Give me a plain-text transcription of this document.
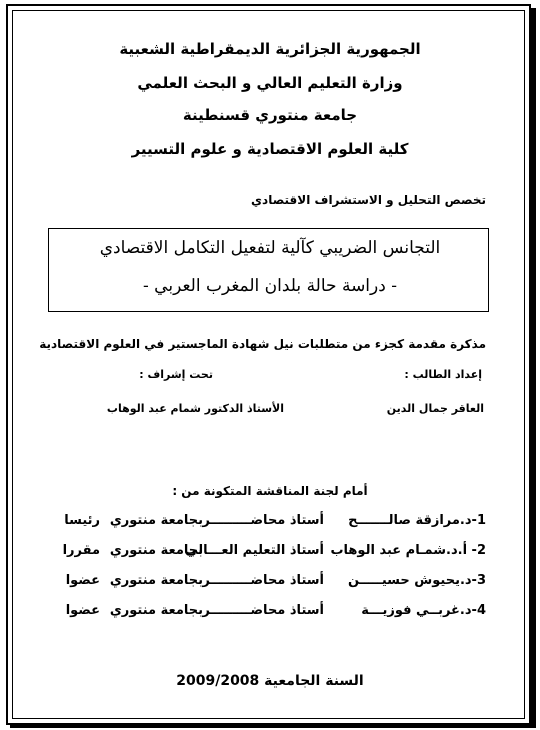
الجمهورية الجزائرية الديمقراطية الشعبية
وزارة التعليم العالي و البحث العلمي
جامعة منتوري قسنطينة
كلية العلوم الاقتصادية و علوم التسيير
تخصص التحليل و الاستشراف الاقتصادي
التجانس الضريبي كآلية لتفعيل التكامل الاقتصادي
- دراسة حالة بلدان المغرب العربي -
مذكرة مقدمة كجزء من متطلبات نيل شهادة الماجستير في العلوم الاقتصادية
إعداد الطالب :
تحت إشراف :
العاقر جمال الدين
الأستاذ الدكتور شمام عبد الوهاب
أمام لجنة المناقشة المتكونة من :
1-د.مرازقة صالـــــــح
أستاذ محاضـــــــــر
بجامعة منتوري
رئيسا
2- أ.د.شمـام عبد الوهاب
أستاذ التعليم العـــالي
بجامعة منتوري
مقررا
3-د.يحيوش حسيـــــن
أستاذ محاضـــــــــر
بجامعة منتوري
عضوا
4-د.غربــي فوزيـــة
أستاذ محاضـــــــــر
بجامعة منتوري
عضوا
السنة الجامعية 2009/2008
